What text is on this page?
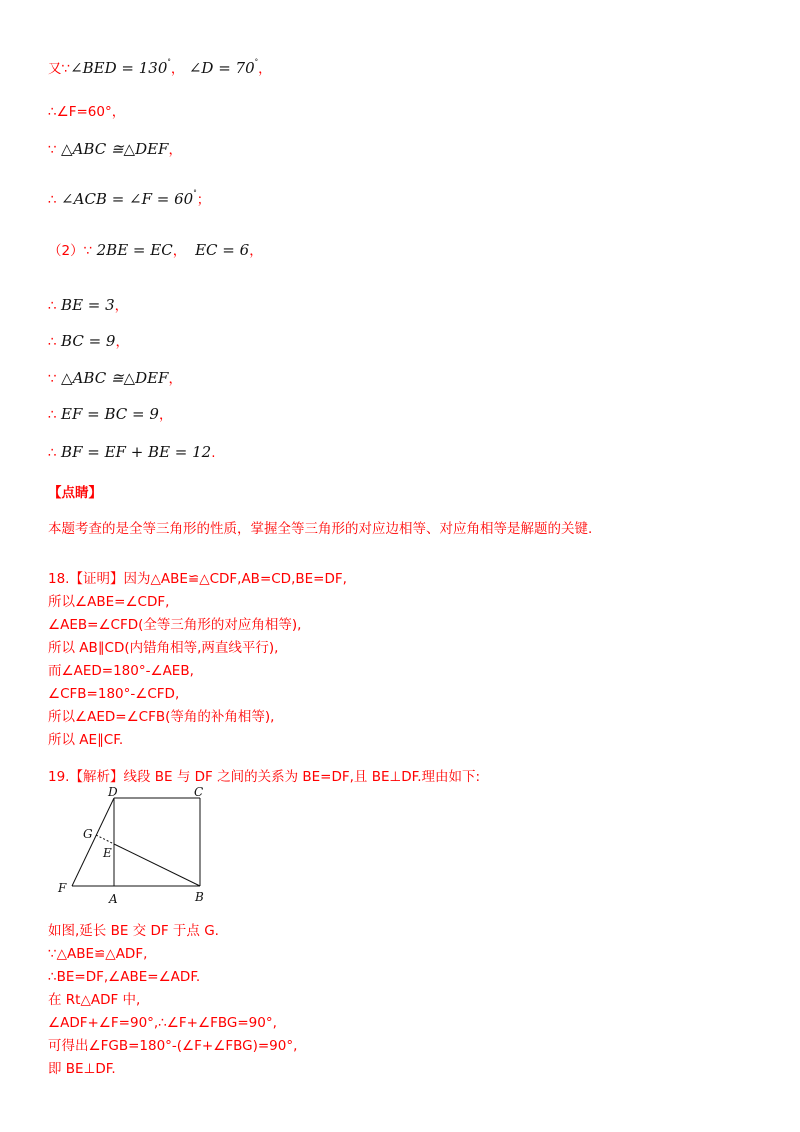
又∵∠BED = 130°， ∠D = 70°，
∴∠F=60°，
∵ △ABC ≅△DEF，
∴ ∠ACB = ∠F = 60°；
（2）∵ 2BE = EC， EC = 6，
∴ BE = 3，
∴ BC = 9，
∵ △ABC ≅△DEF，
∴ EF = BC = 9，
∴ BF = EF + BE = 12.
【点睛】
本题考查的是全等三角形的性质，掌握全等三角形的对应边相等、对应角相等是解题的关键.
18.【证明】因为△ABE≌△CDF,AB=CD,BE=DF,
所以∠ABE=∠CDF,
∠AEB=∠CFD(全等三角形的对应角相等),
所以 AB∥CD(内错角相等,两直线平行),
而∠AED=180°-∠AEB,
∠CFB=180°-∠CFD,
所以∠AED=∠CFB(等角的补角相等),
所以 AE∥CF.
19.【解析】线段 BE 与 DF 之间的关系为 BE=DF,且 BE⊥DF.理由如下:
D	C
G
E
F
A	B
如图,延长 BE 交 DF 于点 G.
∵△ABE≌△ADF,
∴BE=DF,∠ABE=∠ADF.
在 Rt△ADF 中,
∠ADF+∠F=90°,∴∠F+∠FBG=90°,
可得出∠FGB=180°-(∠F+∠FBG)=90°,
即 BE⊥DF.
